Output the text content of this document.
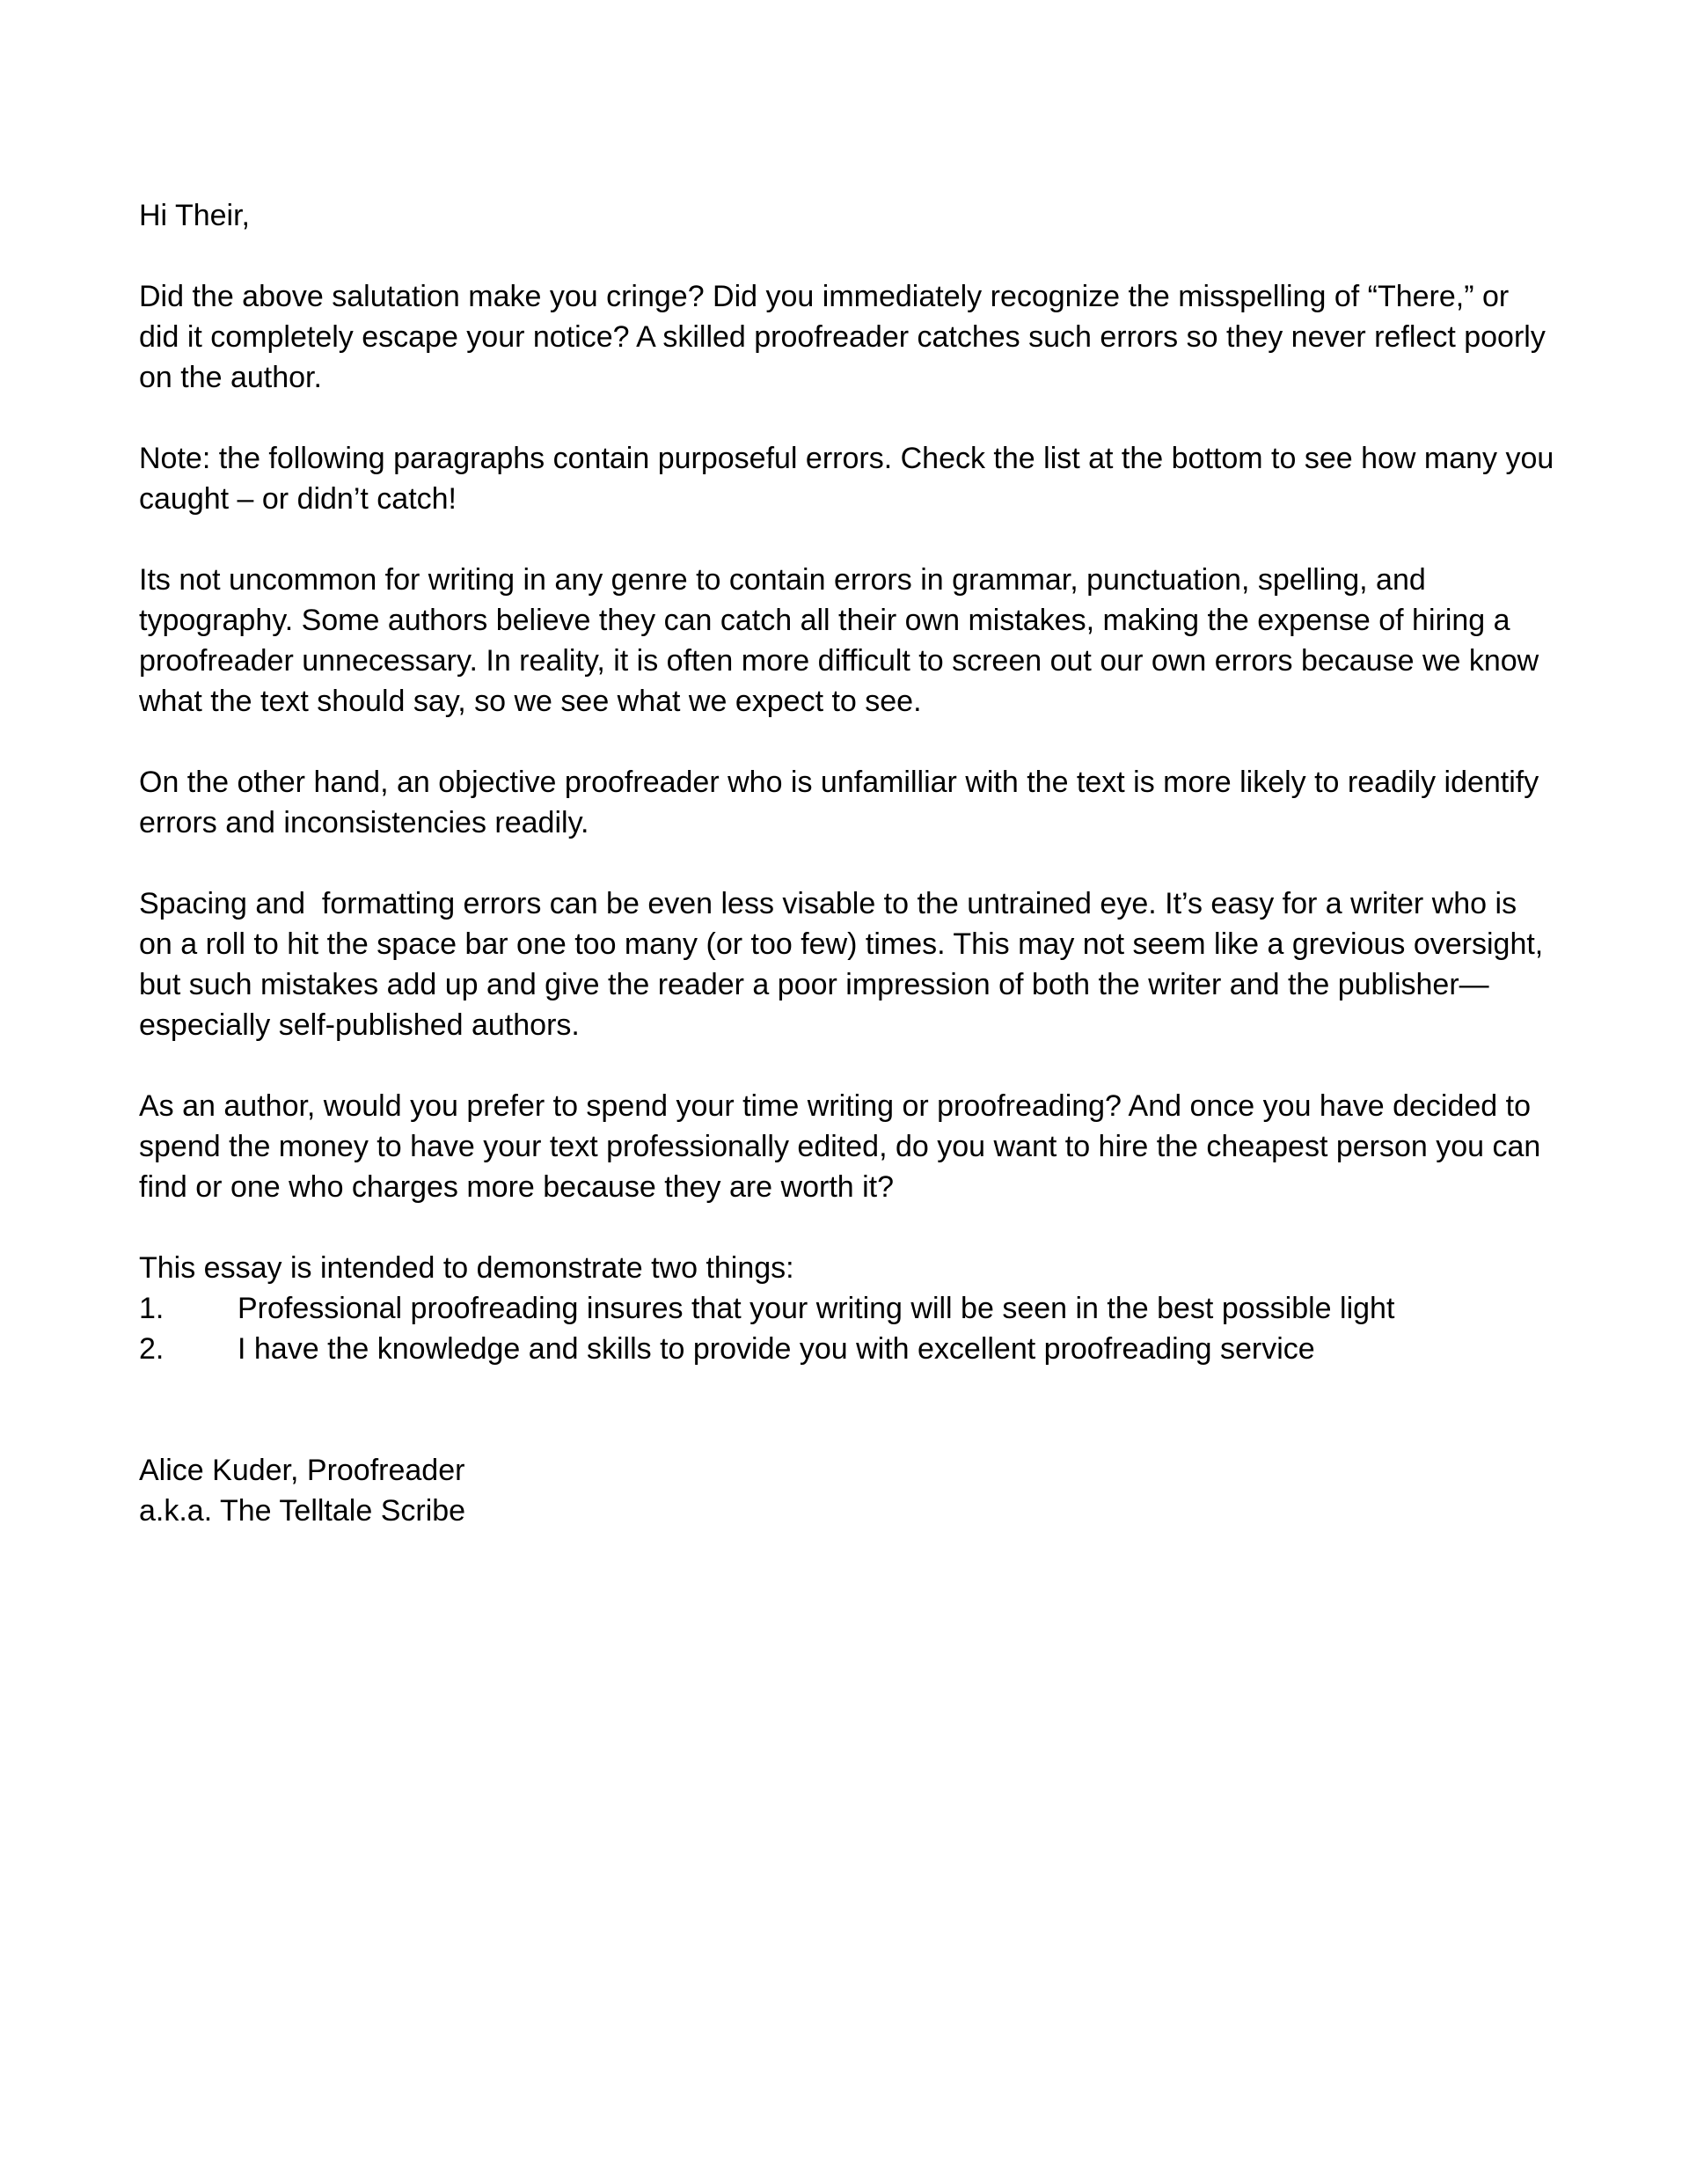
Hi Their,

Did the above salutation make you cringe? Did you immediately recognize the misspelling of “There,” or did it completely escape your notice? A skilled proofreader catches such errors so they never reflect poorly on the author.

Note: the following paragraphs contain purposeful errors. Check the list at the bottom to see how many you caught – or didn’t catch!

Its not uncommon for writing in any genre to contain errors in grammar, punctuation, spelling, and typography. Some authors believe they can catch all their own mistakes, making the expense of hiring a proofreader unnecessary. In reality, it is often more difficult to screen out our own errors because we know what the text should say, so we see what we expect to see.

On the other hand, an objective proofreader who is unfamilliar with the text is more likely to readily identify errors and inconsistencies readily.

Spacing and  formatting errors can be even less visable to the untrained eye. It’s easy for a writer who is on a roll to hit the space bar one too many (or too few) times. This may not seem like a grevious oversight, but such mistakes add up and give the reader a poor impression of both the writer and the publisher—especially self-published authors.

As an author, would you prefer to spend your time writing or proofreading? And once you have decided to spend the money to have your text professionally edited, do you want to hire the cheapest person you can find or one who charges more because they are worth it?

This essay is intended to demonstrate two things:

1.	Professional proofreading insures that your writing will be seen in the best possible light
2.	I have the knowledge and skills to provide you with excellent proofreading service

Alice Kuder, Proofreader

a.k.a. The Telltale Scribe
